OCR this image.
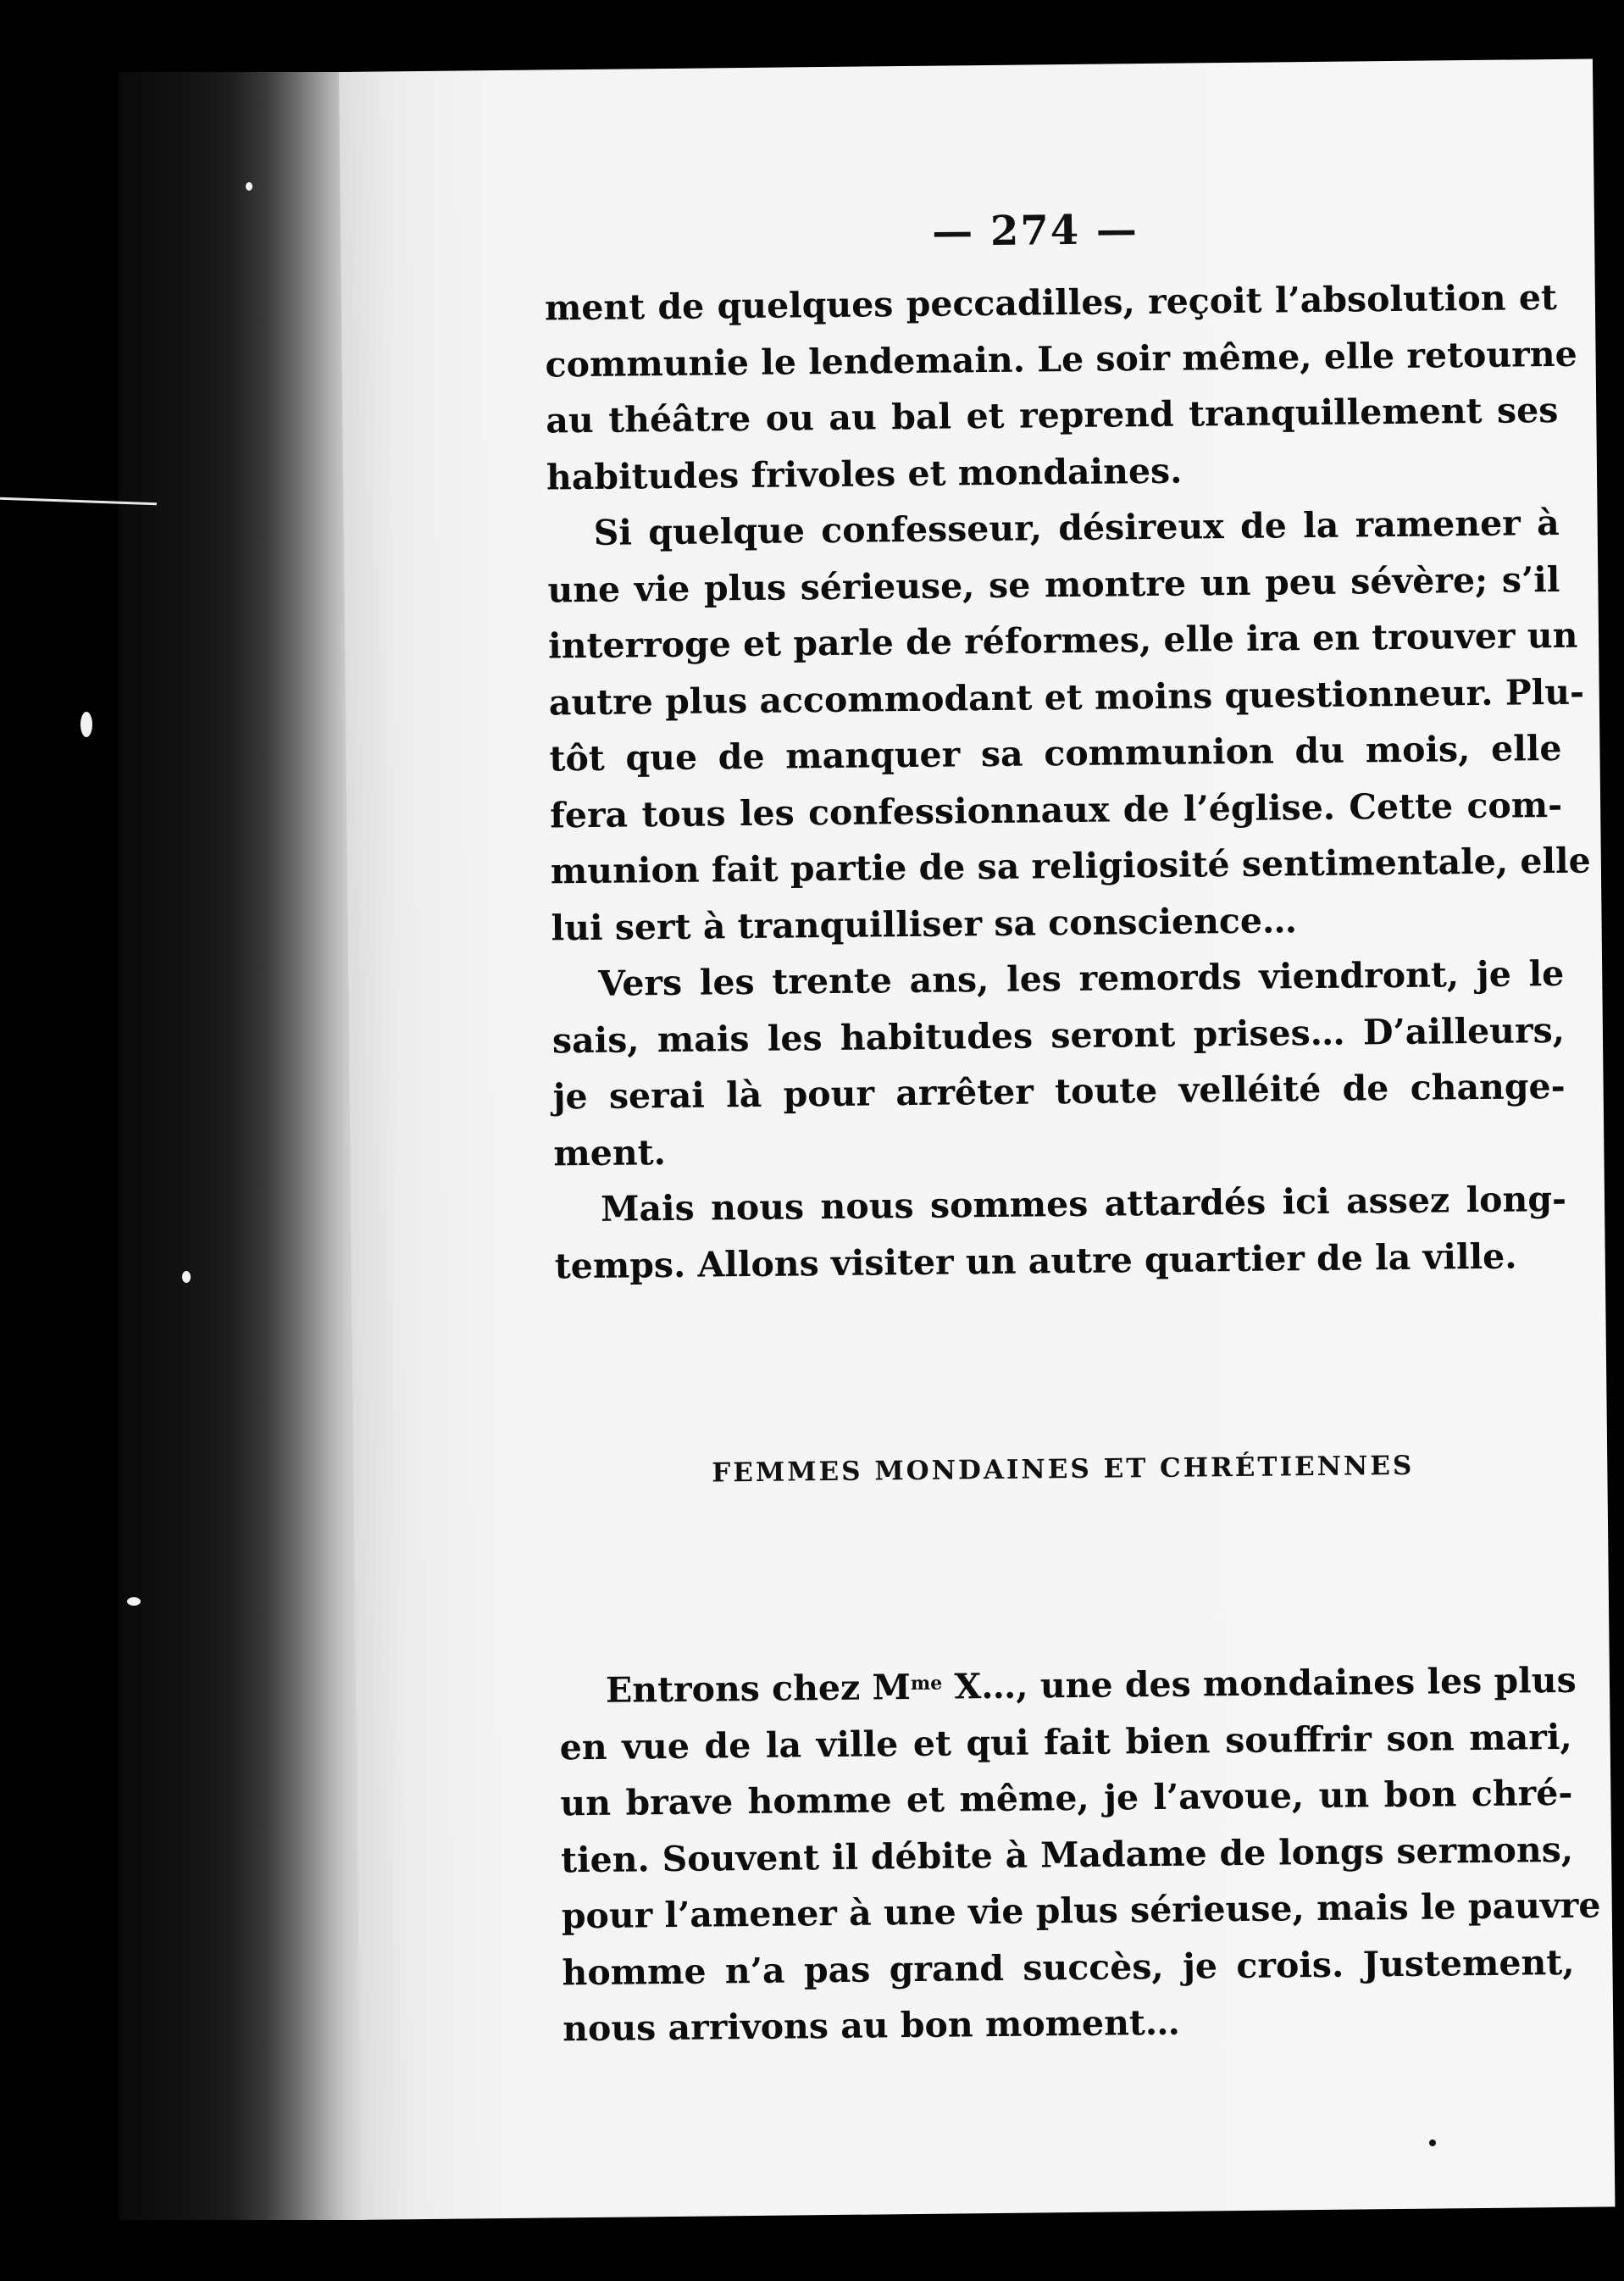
— 274 —
ment de quelques peccadilles, reçoit l’absolution et
communie le lendemain. Le soir même, elle retourne
au théâtre ou au bal et reprend tranquillement ses
habitudes frivoles et mondaines.
Si quelque confesseur, désireux de la ramener à
une vie plus sérieuse, se montre un peu sévère; s’il
interroge et parle de réformes, elle ira en trouver un
autre plus accommodant et moins questionneur. Plu-
tôt que de manquer sa communion du mois, elle
fera tous les confessionnaux de l’église. Cette com-
munion fait partie de sa religiosité sentimentale, elle
lui sert à tranquilliser sa conscience…
Vers les trente ans, les remords viendront, je le
sais, mais les habitudes seront prises… D’ailleurs,
je serai là pour arrêter toute velléité de change-
ment.
Mais nous nous sommes attardés ici assez long-
temps. Allons visiter un autre quartier de la ville.
FEMMES MONDAINES ET CHRÉTIENNES
Entrons chez $M^{me}$ X…, une des mondaines les plus
en vue de la ville et qui fait bien souffrir son mari,
un brave homme et même, je l’avoue, un bon chré-
tien. Souvent il débite à Madame de longs sermons,
pour l’amener à une vie plus sérieuse, mais le pauvre
homme n’a pas grand succès, je crois. Justement,
nous arrivons au bon moment…
